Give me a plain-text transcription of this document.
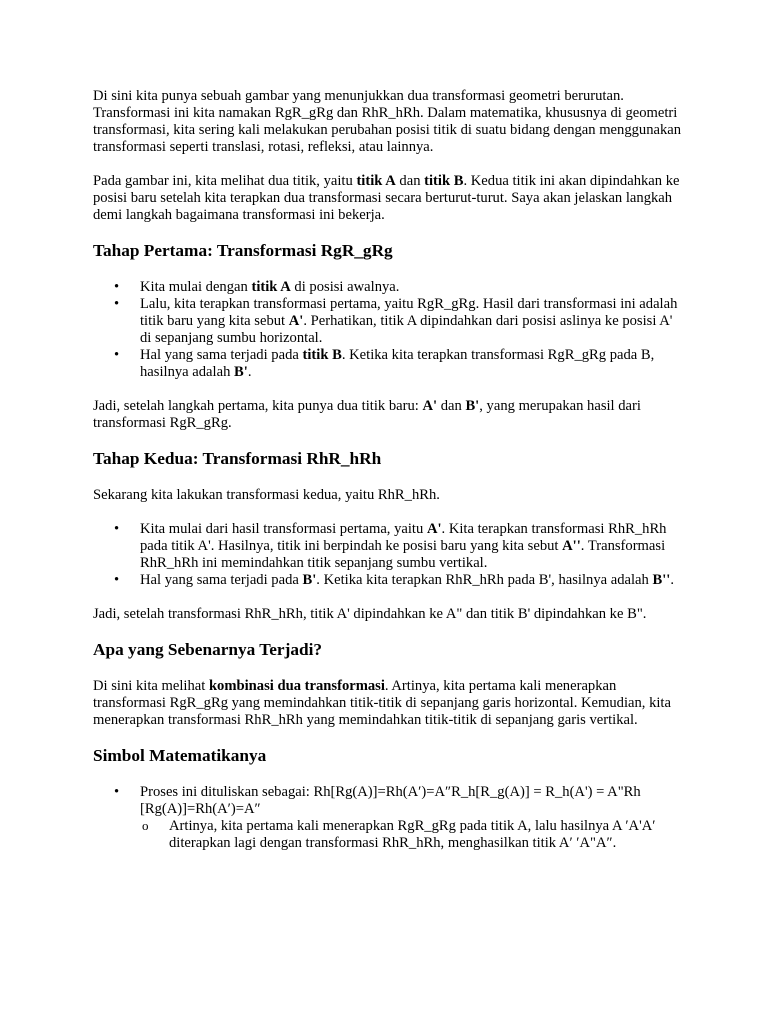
Di sini kita punya sebuah gambar yang menunjukkan dua transformasi geometri berurutan. Transformasi ini kita namakan RgR_gRg dan RhR_hRh. Dalam matematika, khususnya di geometri transformasi, kita sering kali melakukan perubahan posisi titik di suatu bidang dengan menggunakan transformasi seperti translasi, rotasi, refleksi, atau lainnya.

Pada gambar ini, kita melihat dua titik, yaitu titik A dan titik B. Kedua titik ini akan dipindahkan ke posisi baru setelah kita terapkan dua transformasi secara berturut-turut. Saya akan jelaskan langkah demi langkah bagaimana transformasi ini bekerja.

Tahap Pertama: Transformasi RgR_gRg
•	Kita mulai dengan titik A di posisi awalnya.
•	Lalu, kita terapkan transformasi pertama, yaitu RgR_gRg. Hasil dari transformasi ini adalah titik baru yang kita sebut A'. Perhatikan, titik A dipindahkan dari posisi aslinya ke posisi A' di sepanjang sumbu horizontal.
•	Hal yang sama terjadi pada titik B. Ketika kita terapkan transformasi RgR_gRg pada B, hasilnya adalah B'.

Jadi, setelah langkah pertama, kita punya dua titik baru: A' dan B', yang merupakan hasil dari transformasi RgR_gRg.

Tahap Kedua: Transformasi RhR_hRh

Sekarang kita lakukan transformasi kedua, yaitu RhR_hRh.

•	Kita mulai dari hasil transformasi pertama, yaitu A'. Kita terapkan transformasi RhR_hRh pada titik A'. Hasilnya, titik ini berpindah ke posisi baru yang kita sebut A''. Transformasi RhR_hRh ini memindahkan titik sepanjang sumbu vertikal.
•	Hal yang sama terjadi pada B'. Ketika kita terapkan RhR_hRh pada B', hasilnya adalah B''.

Jadi, setelah transformasi RhR_hRh, titik A' dipindahkan ke A" dan titik B' dipindahkan ke B".

Apa yang Sebenarnya Terjadi?

Di sini kita melihat kombinasi dua transformasi. Artinya, kita pertama kali menerapkan transformasi RgR_gRg yang memindahkan titik-titik di sepanjang garis horizontal. Kemudian, kita menerapkan transformasi RhR_hRh yang memindahkan titik-titik di sepanjang garis vertikal.

Simbol Matematikanya
•	Proses ini dituliskan sebagai: Rh[Rg(A)]=Rh(A′)=A″R_h[R_g(A)] = R_h(A') = A"Rh [Rg(A)]=Rh(A′)=A″
o	Artinya, kita pertama kali menerapkan RgR_gRg pada titik A, lalu hasilnya A ′A'A′ diterapkan lagi dengan transformasi RhR_hRh, menghasilkan titik A′ ′A"A″.
